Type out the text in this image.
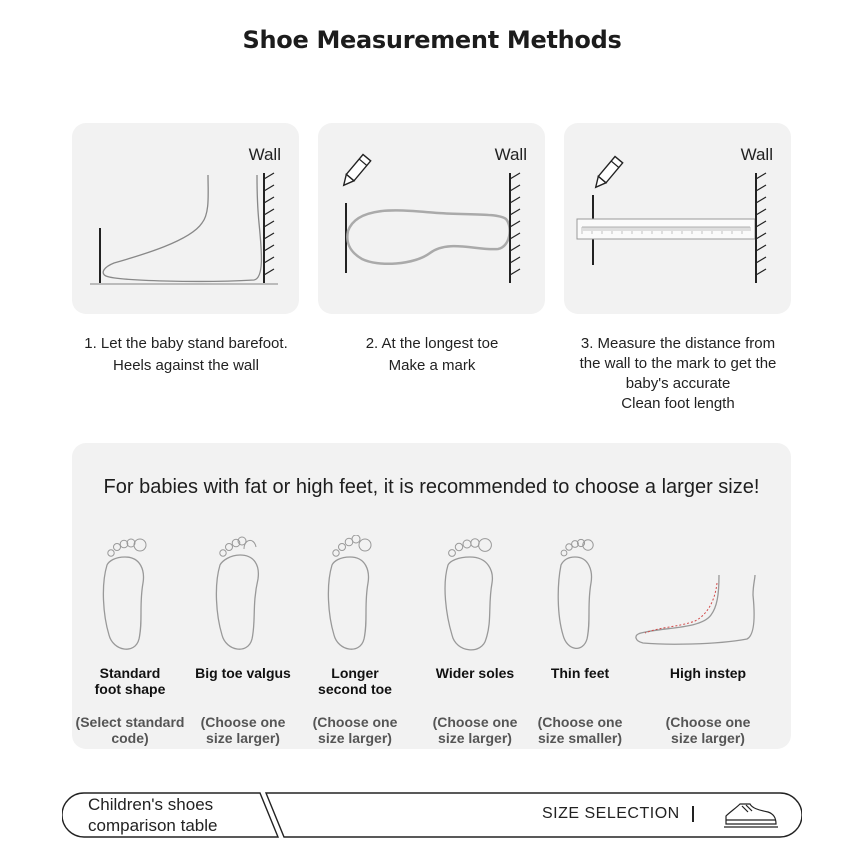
Shoe Measurement Methods
Wall	Wall	Wall
1. Let the baby stand barefoot.
Heels against the wall
2. At the longest toe
Make a mark
3. Measure the distance from
the wall to the mark to get the
baby's accurate
Clean foot length
For babies with fat or high feet, it is recommended to choose a larger size!
Standard
foot shape
(Select standard
code)
Big toe valgus
(Choose one
size larger)
Longer
second toe
(Choose one
size larger)
Wider soles
(Choose one
size larger)
Thin feet
(Choose one
size smaller)
High instep
(Choose one
size larger)
Children's shoes
comparison table
SIZE SELECTION
